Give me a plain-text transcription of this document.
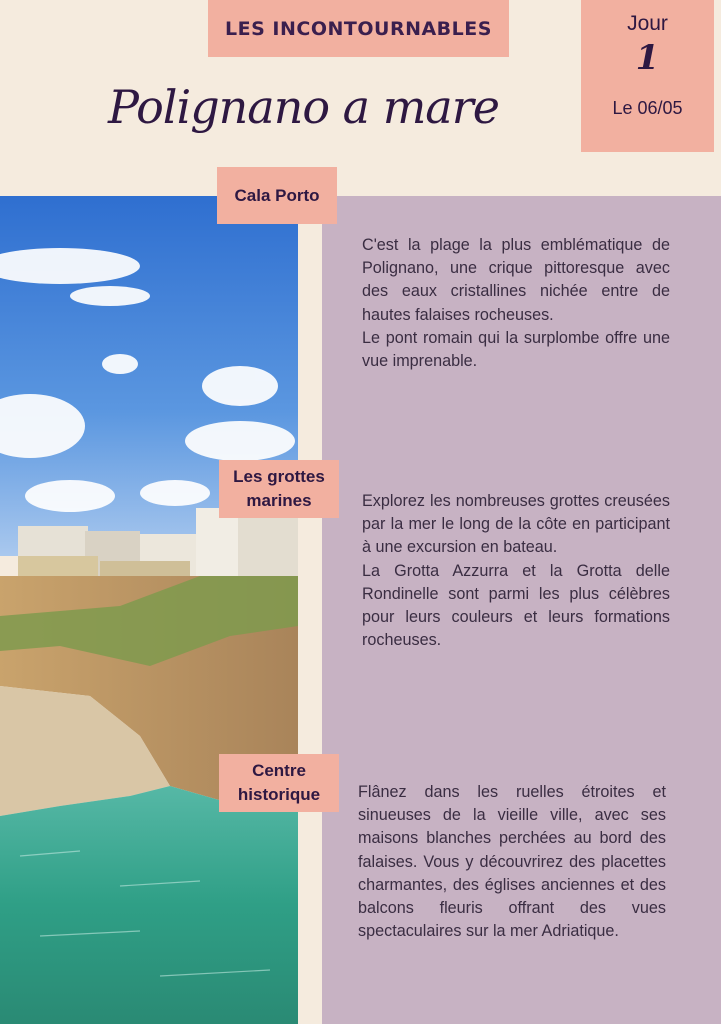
LES INCONTOURNABLES
Polignano a mare
Jour
1
Le 06/05
Cala Porto

C'est la plage la plus emblématique de Polignano, une crique pittoresque avec des eaux cristallines nichée entre de hautes falaises rocheuses.

Le pont romain qui la surplombe offre une vue imprenable.

Les grottes
marines	Explorez les nombreuses grottes creusées par la mer le long de la côte en participant à une excursion en bateau.

La Grotta Azzurra et la Grotta delle Rondinelle sont parmi les plus célèbres pour leurs couleurs et leurs formations rocheuses.

Centre
historique Flânez dans les ruelles étroites et sinueuses de la vieille ville, avec ses maisons blanches perchées au bord des falaises. Vous y découvrirez des placettes charmantes, des églises anciennes et des balcons fleuris offrant des vues spectaculaires sur la mer Adriatique.
